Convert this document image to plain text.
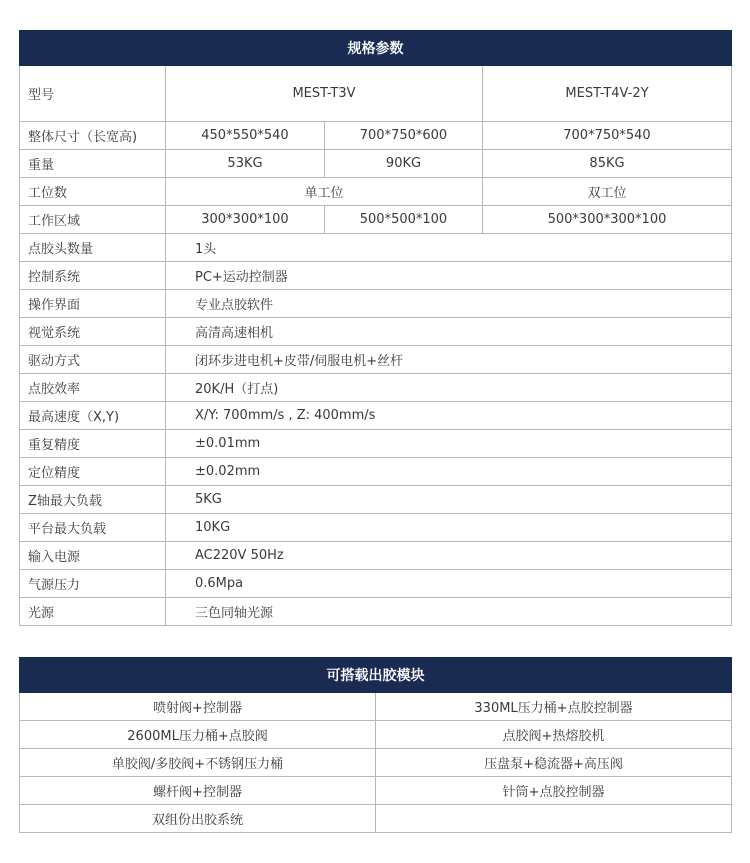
规格参数			
型号	MEST-T3V		MEST-T4V-2Y
整体尺寸（长宽高)	450*550*540	700*750*600	700*750*540
重量	53KG	90KG	85KG
工位数	单工位		双工位
工作区域	300*300*100	500*500*100	500*300*300*100
点胶头数量	1头		
控制系统	PC+运动控制器		
操作界面	专业点胶软件		
视觉系统	高清高速相机		
驱动方式	闭环步进电机+皮带/伺服电机+丝杆		
点胶效率	20K/H（打点)		
最高速度（X,Y)	X/Y: 700mm/s , Z: 400mm/s		
重复精度	±0.01mm		
定位精度	±0.02mm		
Z轴最大负载	5KG		
平台最大负载	10KG		
输入电源	AC220V 50Hz		
气源压力	0.6Mpa		
光源	三色同轴光源		
可搭载出胶模块	
喷射阀+控制器	330ML压力桶+点胶控制器
2600ML压力桶+点胶阀	点胶阀+热熔胶机
单胶阀/多胶阀+不锈钢压力桶	压盘泵+稳流器+高压阀
螺杆阀+控制器	针筒+点胶控制器
双组份出胶系统	
